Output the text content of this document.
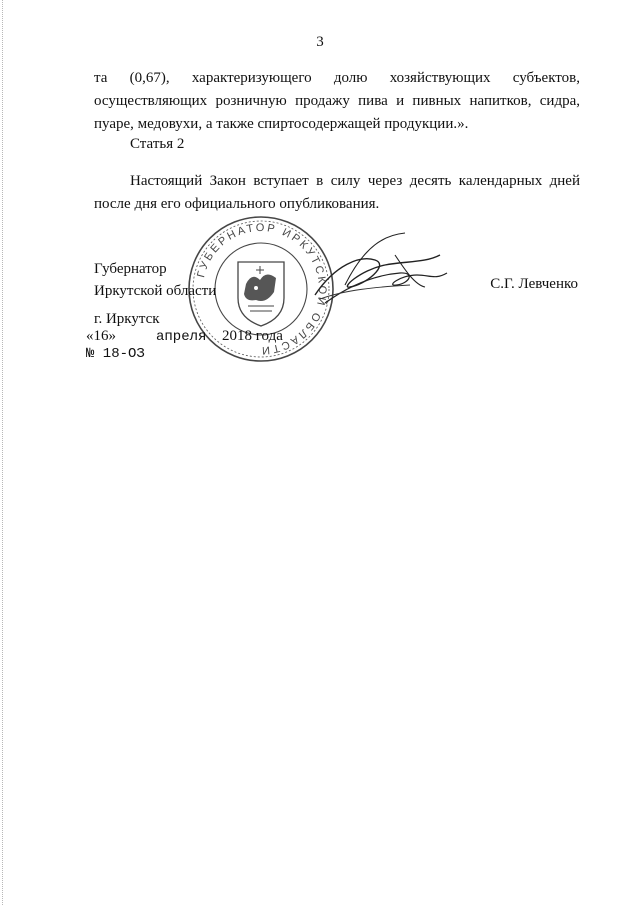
3
та (0,67), характеризующего долю хозяйствующих субъектов, осуществляющих розничную продажу пива и пивных напитков, сидра, пуаре, медовухи, а также спиртосодержащей продукции.».
Статья 2
Настоящий Закон вступает в силу через десять календарных дней после дня его официального опубликования.
ГУБЕРНАТОР ИРКУТСКОЙ ОБЛАСТИ
Губернатор
Иркутской области	С.Г. Левченко
г. Иркутск
«16»	апреля 2018 года
№ 18-ОЗ
